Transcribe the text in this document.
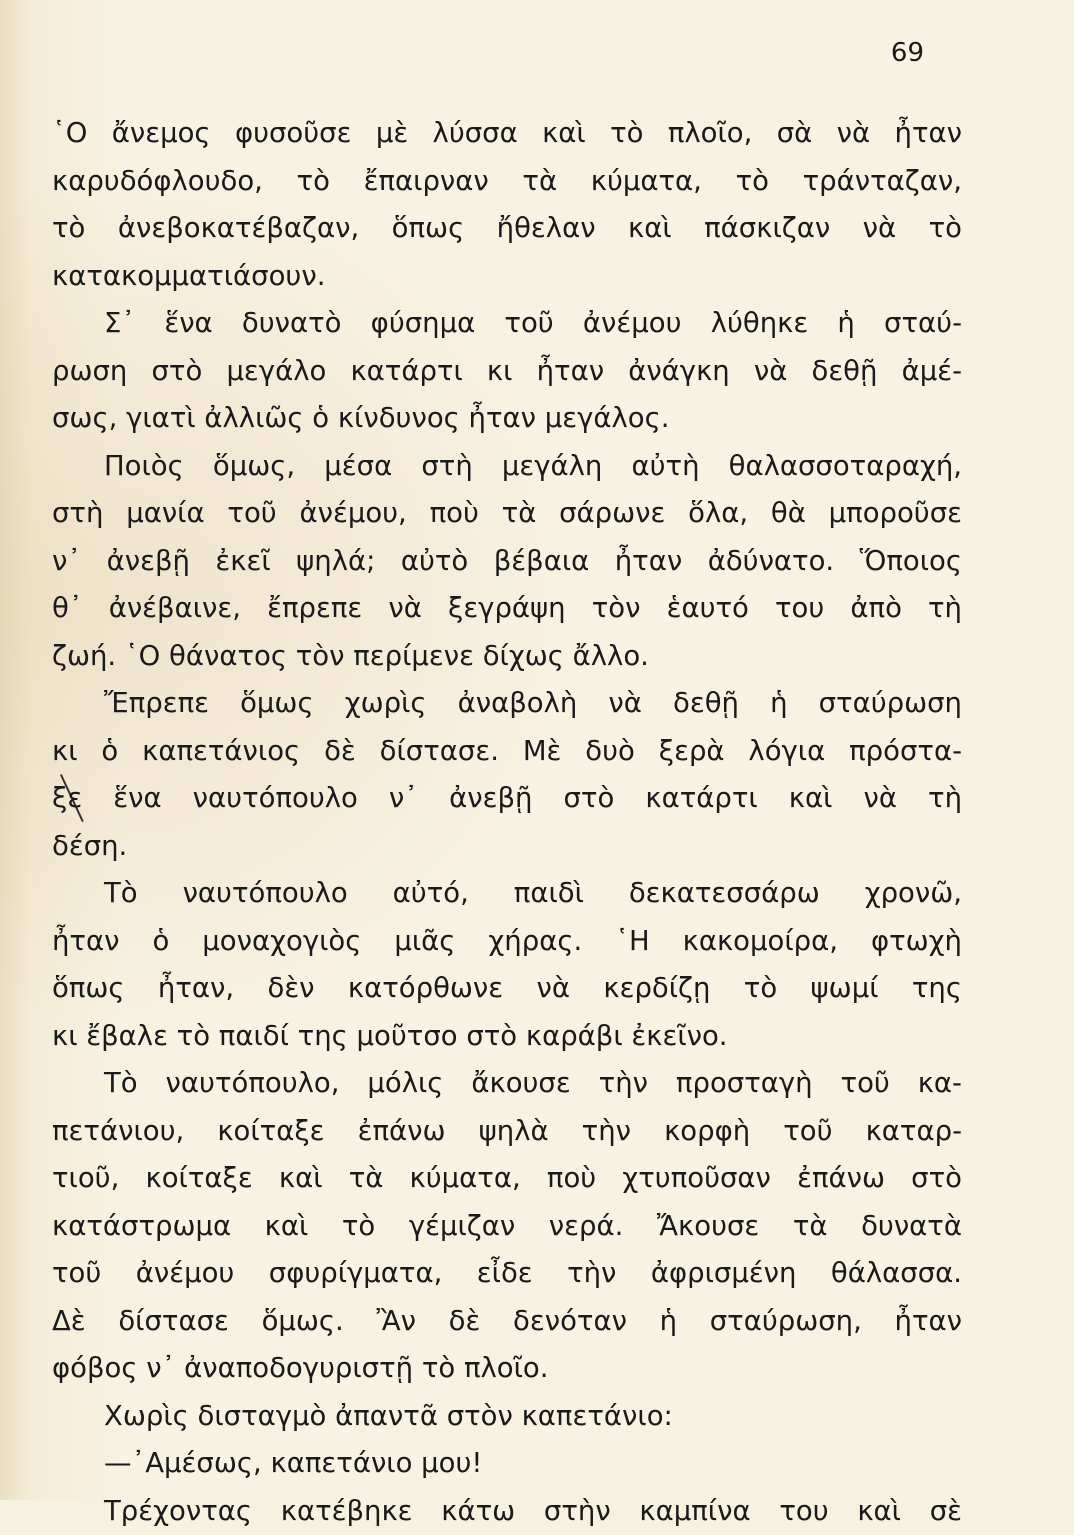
69
῾Ο ἄνεμος φυσοῦσε μὲ λύσσα καὶ τὸ πλοῖο, σὰ νὰ ἦταν
καρυδόφλουδο, τὸ ἔπαιρναν τὰ κύματα, τὸ τράνταζαν,
τὸ ἀνεβοκατέβαζαν, ὅπως ἤθελαν καὶ πάσκιζαν νὰ τὸ
κατακομματιάσουν.
Σ᾽ ἕνα δυνατὸ φύσημα τοῦ ἀνέμου λύθηκε ἡ σταύ-
ρωση στὸ μεγάλο κατάρτι κι ἦταν ἀνάγκη νὰ δεθῇ ἀμέ-
σως, γιατὶ ἀλλιῶς ὁ κίνδυνος ἦταν μεγάλος.
Ποιὸς ὅμως, μέσα στὴ μεγάλη αὐτὴ θαλασσοταραχή,
στὴ μανία τοῦ ἀνέμου, ποὺ τὰ σάρωνε ὅλα, θὰ μποροῦσε
ν᾽ ἀνεβῇ ἐκεῖ ψηλά; αὐτὸ βέβαια ἦταν ἀδύνατο. Ὅποιος
θ᾽ ἀνέβαινε, ἔπρεπε νὰ ξεγράψη τὸν ἑαυτό του ἀπὸ τὴ
ζωή. ῾Ο θάνατος τὸν περίμενε δίχως ἄλλο.
Ἔπρεπε ὅμως χωρὶς ἀναβολὴ νὰ δεθῇ ἡ σταύρωση
κι ὁ καπετάνιος δὲ δίστασε. Μὲ δυὸ ξερὰ λόγια πρόστα-
ξε ἕνα ναυτόπουλο ν᾽ ἀνεβῇ στὸ κατάρτι καὶ νὰ τὴ
δέση.
Τὸ ναυτόπουλο αὐτό, παιδὶ δεκατεσσάρω χρονῶ,
ἦταν ὁ μοναχογιὸς μιᾶς χήρας. ῾Η κακομοίρα, φτωχὴ
ὅπως ἦταν, δὲν κατόρθωνε νὰ κερδίζῃ τὸ ψωμί της
κι ἔβαλε τὸ παιδί της μοῦτσο στὸ καράβι ἐκεῖνο.
Τὸ ναυτόπουλο, μόλις ἄκουσε τὴν προσταγὴ τοῦ κα-
πετάνιου, κοίταξε ἐπάνω ψηλὰ τὴν κορφὴ τοῦ καταρ-
τιοῦ, κοίταξε καὶ τὰ κύματα, ποὺ χτυποῦσαν ἐπάνω στὸ
κατάστρωμα καὶ τὸ γέμιζαν νερά. Ἄκουσε τὰ δυνατὰ
τοῦ ἀνέμου σφυρίγματα, εἶδε τὴν ἀφρισμένη θάλασσα.
Δὲ δίστασε ὅμως. Ἂν δὲ δενόταν ἡ σταύρωση, ἦταν
φόβος ν᾽ ἀναποδογυριστῇ τὸ πλοῖο.
Χωρὶς δισταγμὸ ἀπαντᾶ στὸν καπετάνιο:
—᾽Αμέσως, καπετάνιο μου!
Τρέχοντας κατέβηκε κάτω στὴν καμπίνα του καὶ σὲ
